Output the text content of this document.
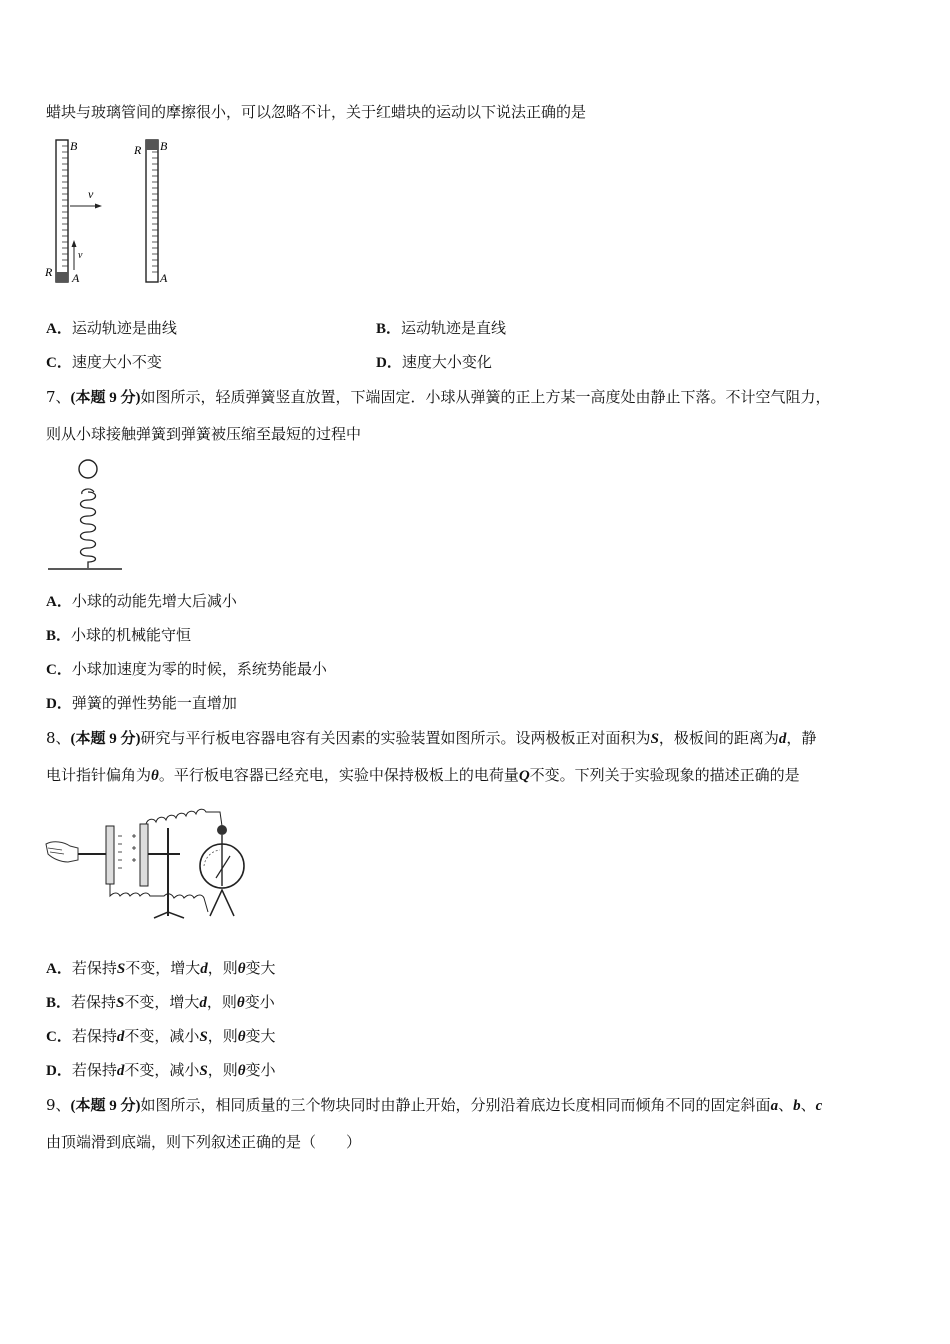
蜡块与玻璃管间的摩擦很小，可以忽略不计，关于红蜡块的运动以下说法正确的是
B
R A
v
v
R B
A
A．运动轨迹是曲线	B．运动轨迹是直线
C．速度大小不变	D．速度大小变化
7、(本题 9 分)如图所示，轻质弹簧竖直放置，下端固定．小球从弹簧的正上方某一高度处由静止下落。不计空气阻力，
则从小球接触弹簧到弹簧被压缩至最短的过程中
A．小球的动能先增大后减小
B．小球的机械能守恒
C．小球加速度为零的时候，系统势能最小
D．弹簧的弹性势能一直增加
8、(本题 9 分)研究与平行板电容器电容有关因素的实验装置如图所示。设两极板正对面积为S，极板间的距离为d，静
电计指针偏角为θ。平行板电容器已经充电，实验中保持极板上的电荷量Q不变。下列关于实验现象的描述正确的是
A．若保持S不变，增大d，则θ变大
B．若保持S不变，增大d，则θ变小
C．若保持d不变，减小S，则θ变大
D．若保持d不变，减小S，则θ变小
9、(本题 9 分)如图所示，相同质量的三个物块同时由静止开始，分别沿着底边长度相同而倾角不同的固定斜面a、b、c
由顶端滑到底端，则下列叙述正确的是（　　）
